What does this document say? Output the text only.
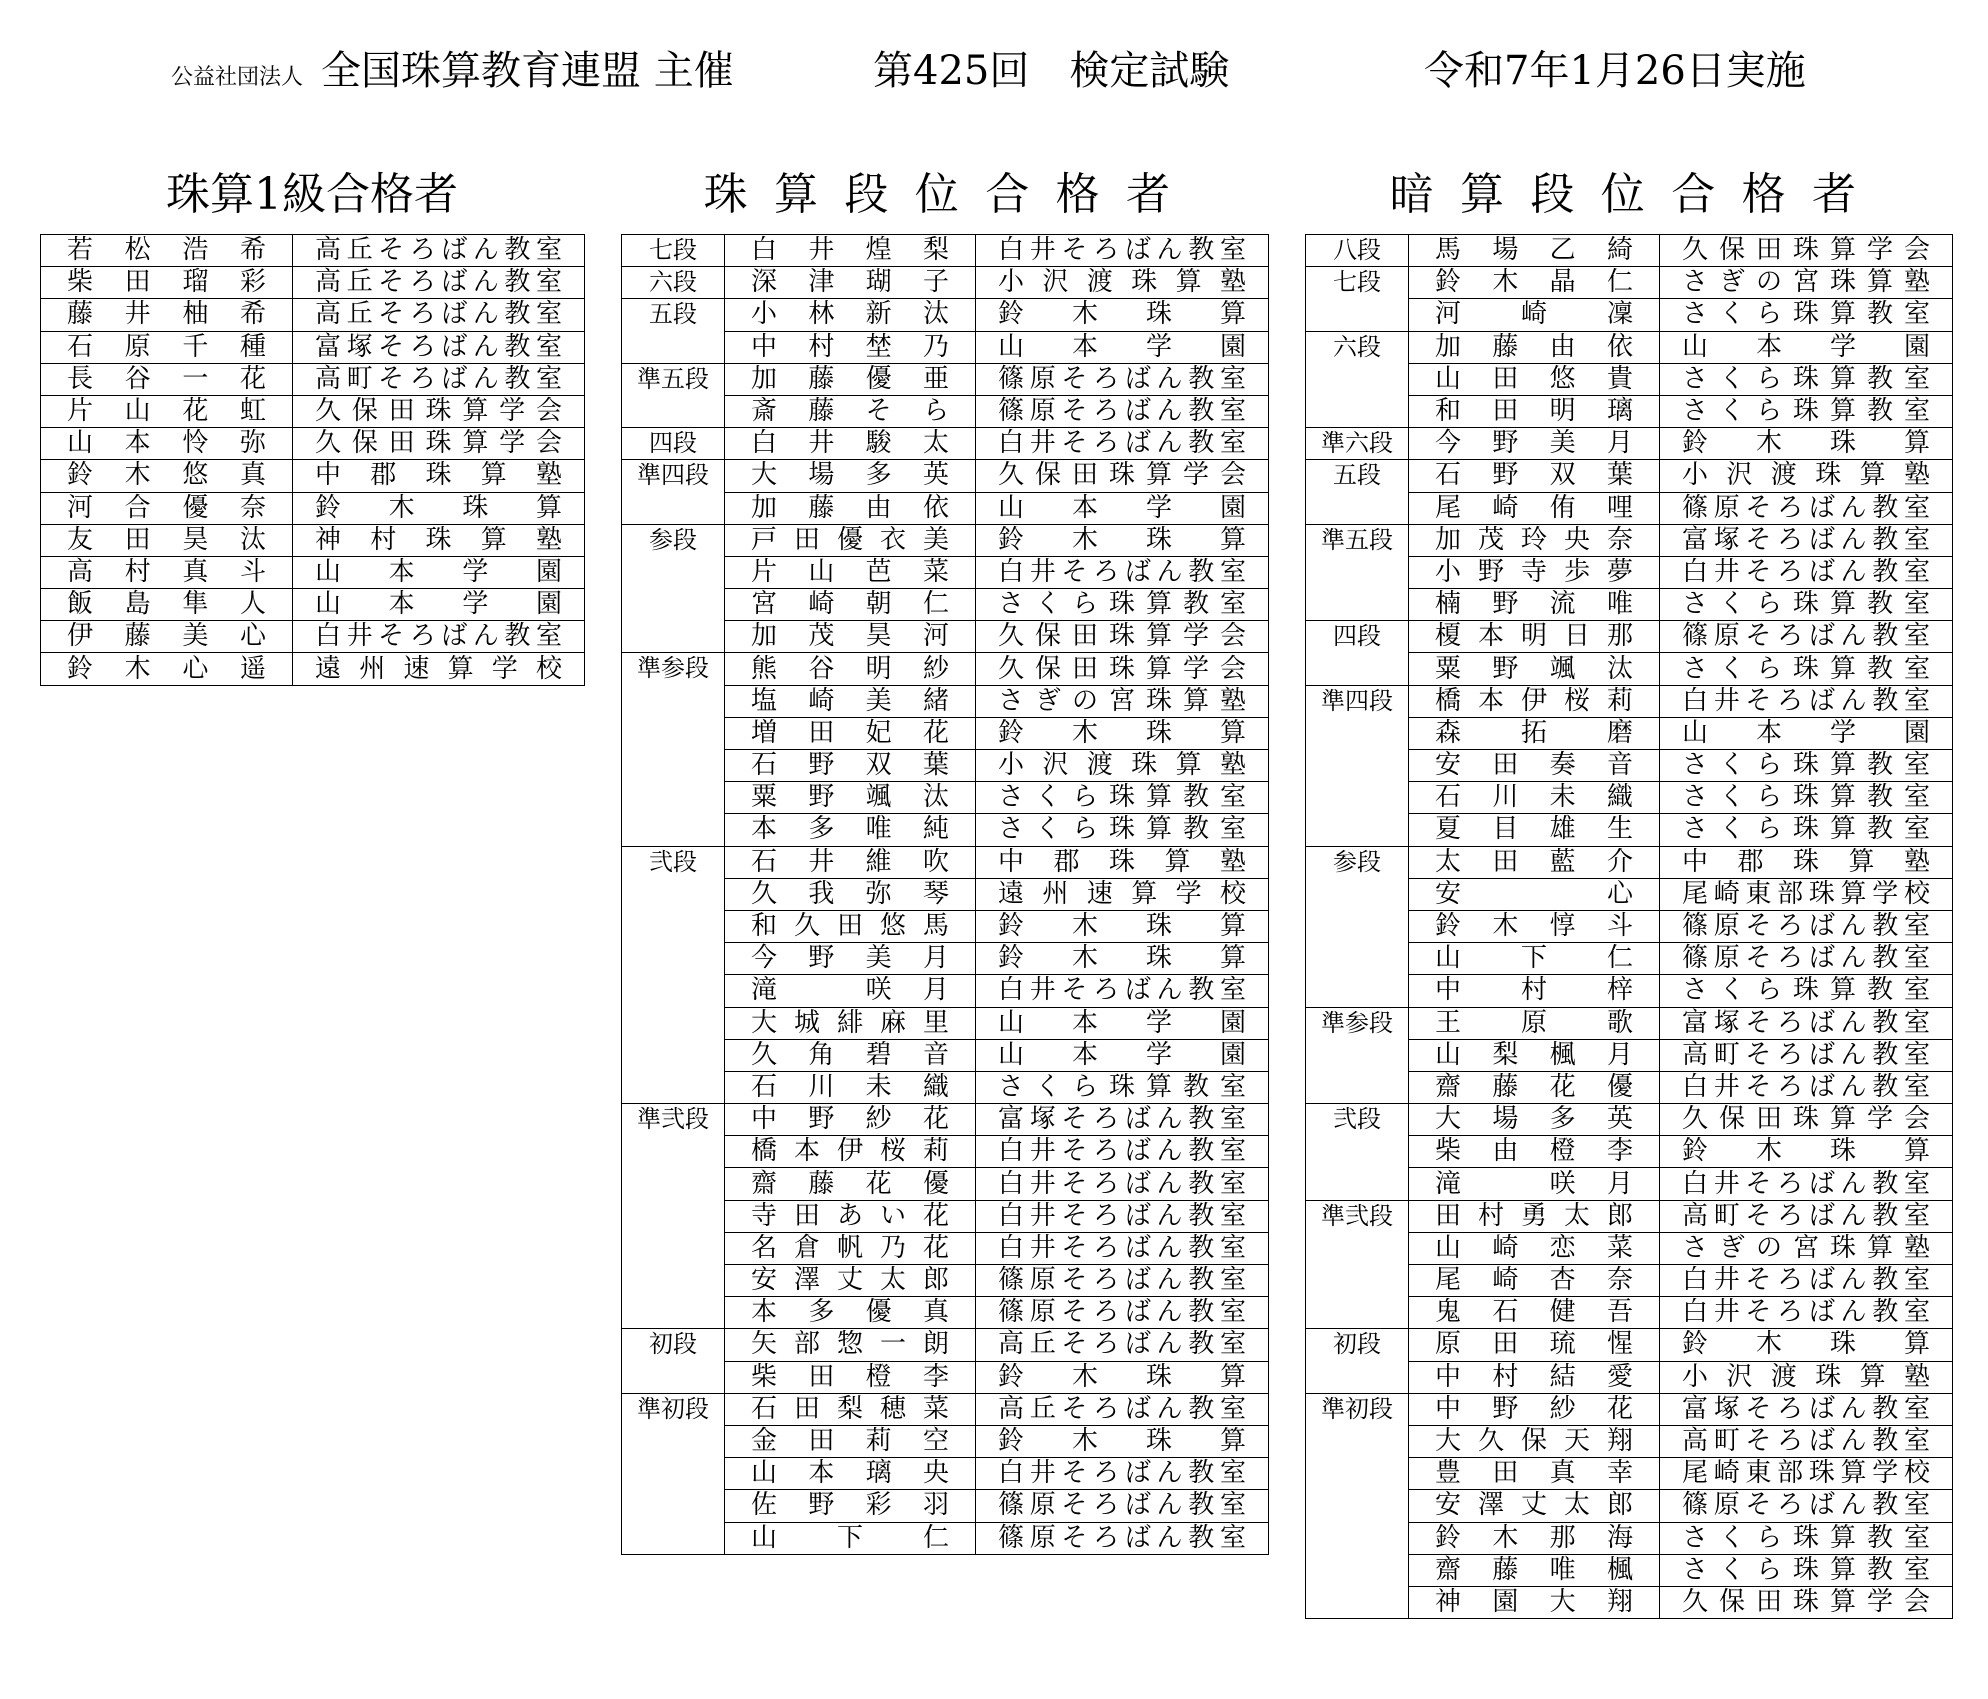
公益社団法人 全国珠算教育連盟 主催	第425回　検定試験	令和7年1月26日実施
珠算1級合格者	珠算段位合格者	暗算段位合格者
若松浩希	高丘そろばん教室
柴田瑠彩	高丘そろばん教室
藤井柚希	高丘そろばん教室
石原千種	富塚そろばん教室
長谷一花	高町そろばん教室
片山花虹	久保田珠算学会
山本怜弥	久保田珠算学会
鈴木悠真	中郡珠算塾
河合優奈	鈴木珠算
友田昊汰	神村珠算塾
高村真斗	山本学園
飯島隼人	山本学園
伊藤美心	白井そろばん教室
鈴木心遥	遠州速算学校
七段	白井煌梨	白井そろばん教室
六段	深津瑚子	小沢渡珠算塾
五段	小林新汰	鈴木珠算
	中村埜乃	山本学園
準五段	加藤優亜	篠原そろばん教室
	斎藤そら	篠原そろばん教室
四段	白井駿太	白井そろばん教室
準四段	大場多英	久保田珠算学会
	加藤由依	山本学園
参段	戸田優衣美	鈴木珠算
	片山芭菜	白井そろばん教室
	宮崎朝仁	さくら珠算教室
	加茂昊河	久保田珠算学会
準参段	熊谷明紗	久保田珠算学会
	塩崎美緒	さぎの宮珠算塾
	増田妃花	鈴木珠算
	石野双葉	小沢渡珠算塾
	粟野颯汰	さくら珠算教室
	本多唯純	さくら珠算教室
弐段	石井維吹	中郡珠算塾
	久我弥琴	遠州速算学校
	和久田悠馬	鈴木珠算
	今野美月	鈴木珠算
	滝　咲月	白井そろばん教室
	大城緋麻里	山本学園
	久角碧音	山本学園
	石川未織	さくら珠算教室
準弐段	中野紗花	富塚そろばん教室
	橋本伊桜莉	白井そろばん教室
	齋藤花優	白井そろばん教室
	寺田あい花	白井そろばん教室
	名倉帆乃花	白井そろばん教室
	安澤丈太郎	篠原そろばん教室
	本多優真	篠原そろばん教室
初段	矢部惣一朗	高丘そろばん教室
	柴田橙李	鈴木珠算
準初段	石田梨穂菜	高丘そろばん教室
	金田莉空	鈴木珠算
	山本璃央	白井そろばん教室
	佐野彩羽	篠原そろばん教室
	山　下　仁	篠原そろばん教室
八段	馬場乙綺	久保田珠算学会
七段	鈴木晶仁	さぎの宮珠算塾
	河崎凜	さくら珠算教室
六段	加藤由依	山本学園
	山田悠貴	さくら珠算教室
	和田明璃	さくら珠算教室
準六段	今野美月	鈴木珠算
五段	石野双葉	小沢渡珠算塾
	尾崎侑哩	篠原そろばん教室
準五段	加茂玲央奈	富塚そろばん教室
	小野寺歩夢	白井そろばん教室
	楠野流唯	さくら珠算教室
四段	榎本明日那	篠原そろばん教室
	粟野颯汰	さくら珠算教室
準四段	橋本伊桜莉	白井そろばん教室
	森拓磨	山本学園
	安田奏音	さくら珠算教室
	石川未織	さくら珠算教室
	夏目雄生	さくら珠算教室
参段	太田藍介	中郡珠算塾
	安　心	尾崎東部珠算学校
	鈴木惇斗	篠原そろばん教室
	山　下　仁	篠原そろばん教室
	中　村　梓	さくら珠算教室
準参段	王　原　歌	富塚そろばん教室
	山梨楓月	高町そろばん教室
	齋藤花優	白井そろばん教室
弐段	大場多英	久保田珠算学会
	柴由橙李	鈴木珠算
	滝　咲月	白井そろばん教室
準弐段	田村勇太郎	高町そろばん教室
	山崎恋菜	さぎの宮珠算塾
	尾崎杏奈	白井そろばん教室
	鬼石健吾	白井そろばん教室
初段	原田琉惺	鈴木珠算
	中村結愛	小沢渡珠算塾
準初段	中野紗花	富塚そろばん教室
	大久保天翔	高町そろばん教室
	豊田真幸	尾崎東部珠算学校
	安澤丈太郎	篠原そろばん教室
	鈴木那海	さくら珠算教室
	齋藤唯楓	さくら珠算教室
	神園大翔	久保田珠算学会
